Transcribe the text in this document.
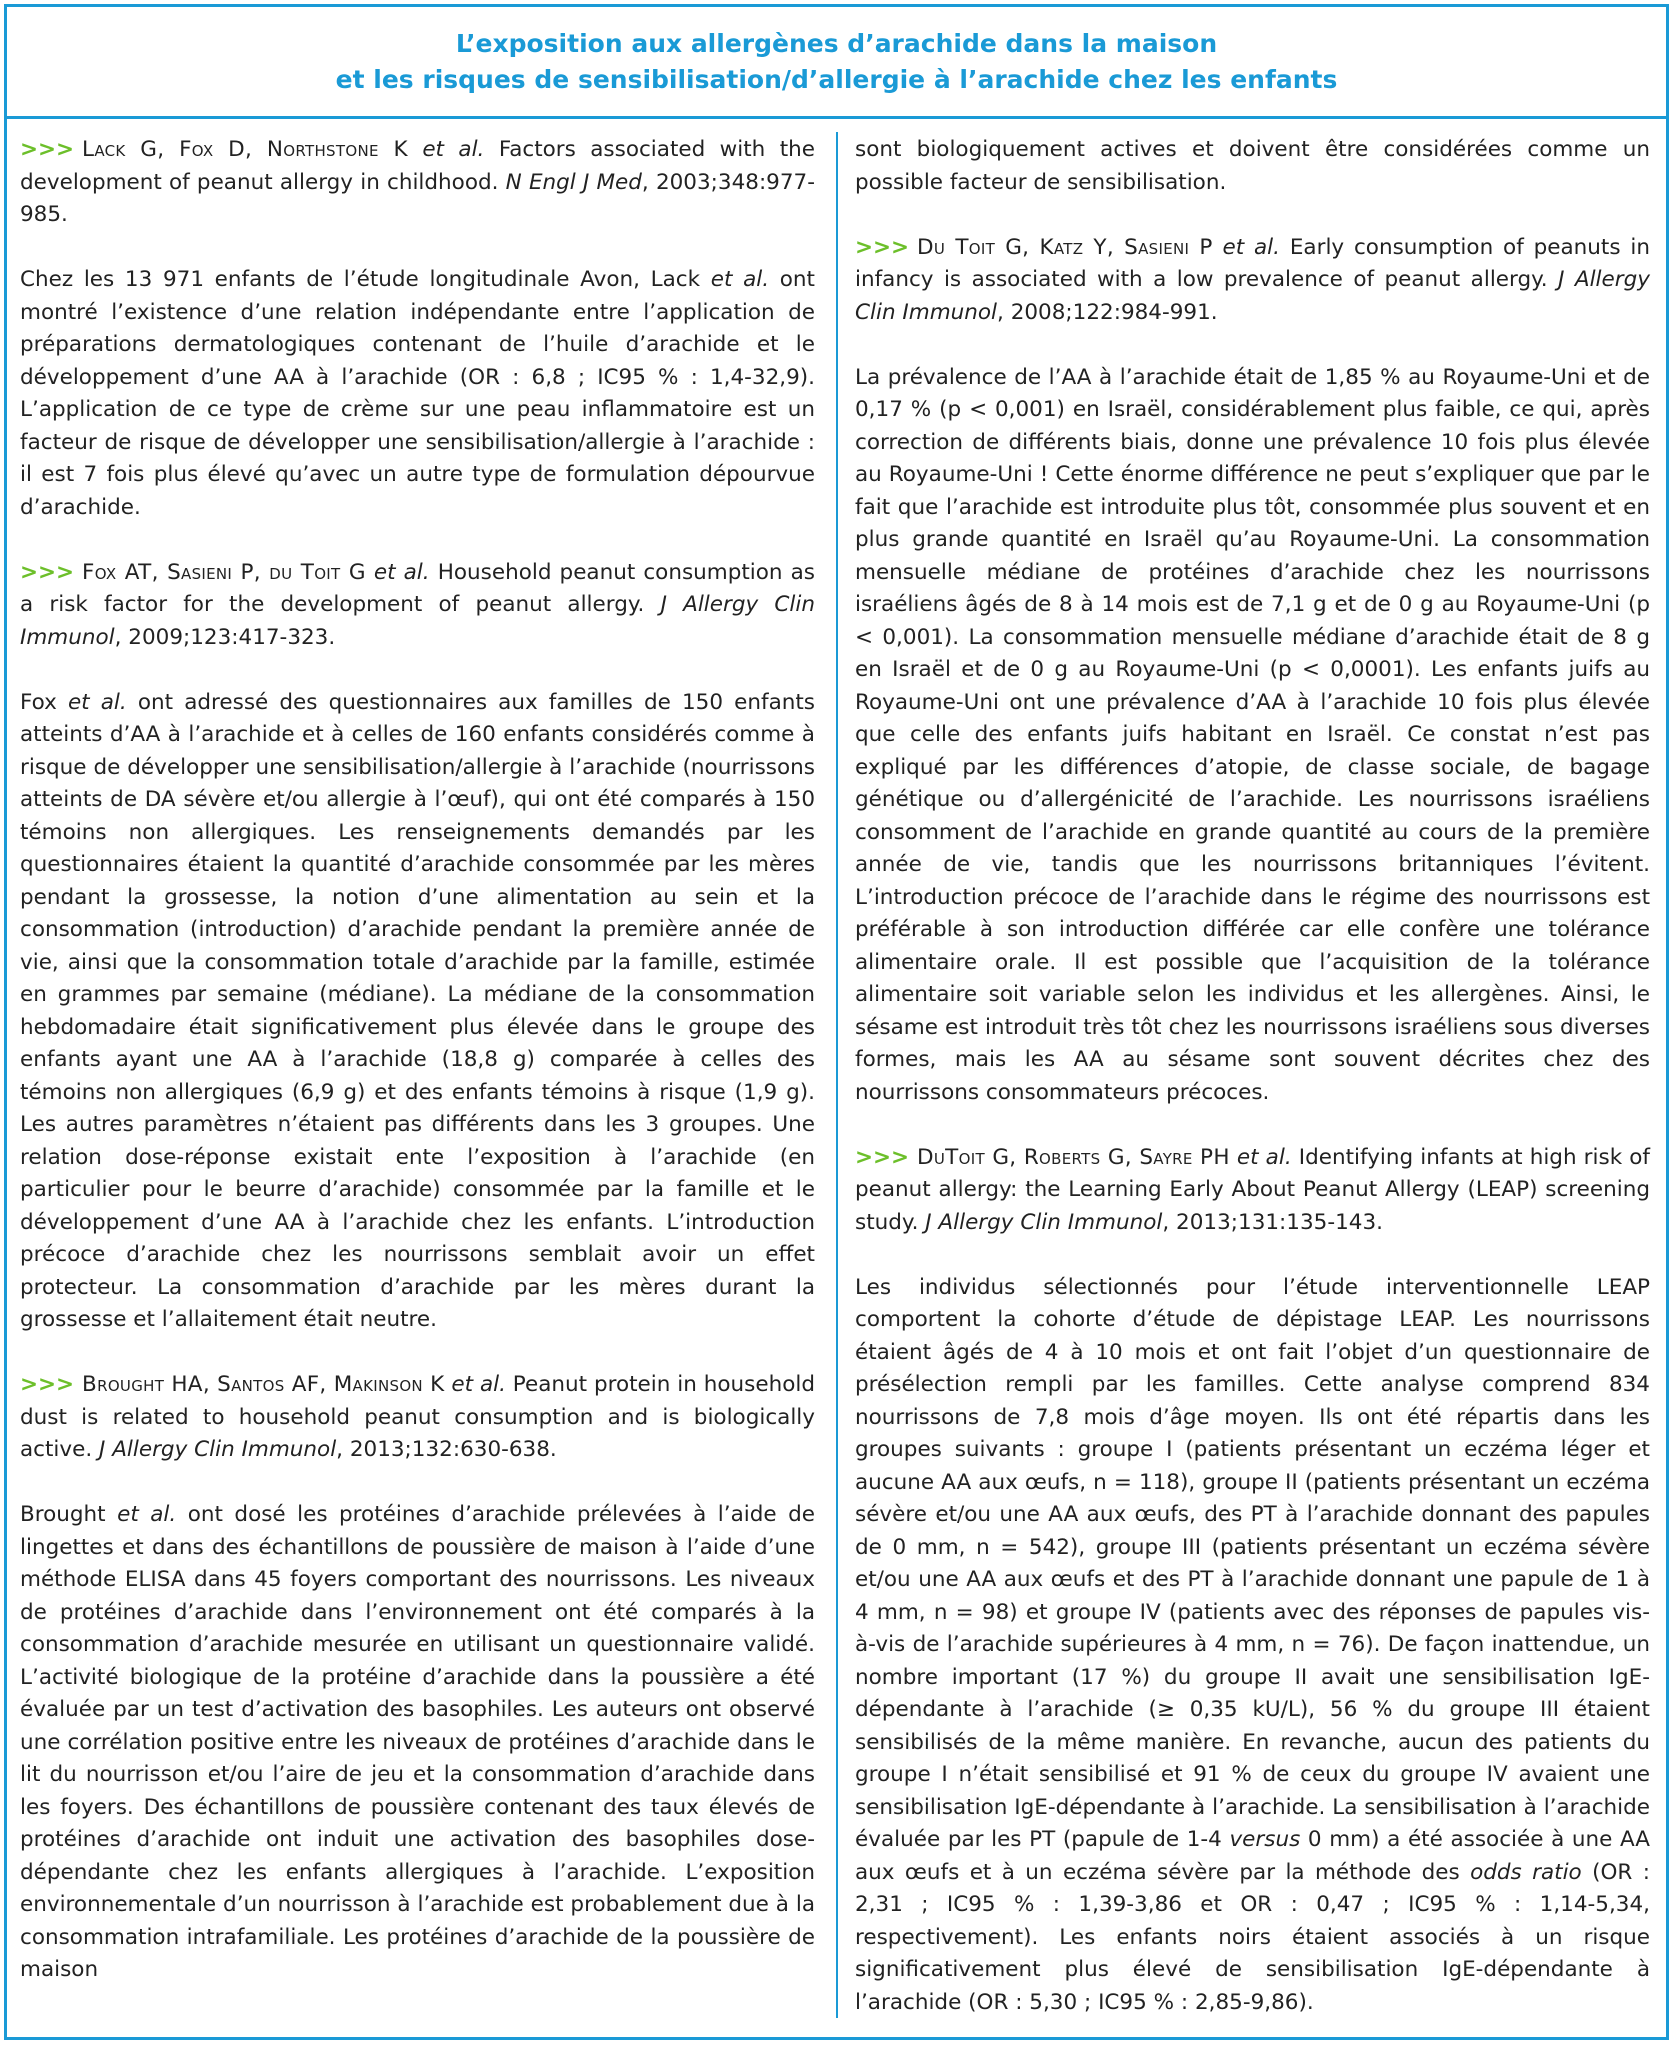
L’exposition aux allergènes d’arachide dans la maison
et les risques de sensibilisation/d’allergie à l’arachide chez les enfants

>>> Lack G, Fox D, Northstone K et al. Factors associated with the development of peanut allergy in childhood. N Engl J Med, 2003;348:977-985.

Chez les 13 971 enfants de l’étude longitudinale Avon, Lack et al. ont montré l’existence d’une relation indépendante entre l’application de préparations dermatologiques contenant de l’huile d’arachide et le développement d’une AA à l’arachide (OR : 6,8 ; IC95 % : 1,4-32,9). L’application de ce type de crème sur une peau inflammatoire est un facteur de risque de développer une sensibilisation/allergie à l’arachide : il est 7 fois plus élevé qu’avec un autre type de formulation dépourvue d’arachide.

>>> Fox AT, Sasieni P, du Toit G et al. Household peanut consumption as a risk factor for the development of peanut allergy. J Allergy Clin Immunol, 2009;123:417-323.

Fox et al. ont adressé des questionnaires aux familles de 150 enfants atteints d’AA à l’arachide et à celles de 160 enfants considérés comme à risque de développer une sensibilisation/allergie à l’arachide (nourrissons atteints de DA sévère et/ou allergie à l’œuf), qui ont été comparés à 150 témoins non allergiques. Les renseignements demandés par les questionnaires étaient la quantité d’arachide consommée par les mères pendant la grossesse, la notion d’une alimentation au sein et la consommation (introduction) d’arachide pendant la première année de vie, ainsi que la consommation totale d’arachide par la famille, estimée en grammes par semaine (médiane). La médiane de la consommation hebdomadaire était significativement plus élevée dans le groupe des enfants ayant une AA à l’arachide (18,8 g) comparée à celles des témoins non allergiques (6,9 g) et des enfants témoins à risque (1,9 g). Les autres paramètres n’étaient pas différents dans les 3 groupes. Une relation dose-réponse existait ente l’exposition à l’arachide (en particulier pour le beurre d’arachide) consommée par la famille et le développement d’une AA à l’arachide chez les enfants. L’introduction précoce d’arachide chez les nourrissons semblait avoir un effet protecteur. La consommation d’arachide par les mères durant la grossesse et l’allaitement était neutre.

>>> Brought HA, Santos AF, Makinson K et al. Peanut protein in household dust is related to household peanut consumption and is biologically active. J Allergy Clin Immunol, 2013;132:630-638.

Brought et al. ont dosé les protéines d’arachide prélevées à l’aide de lingettes et dans des échantillons de poussière de maison à l’aide d’une méthode ELISA dans 45 foyers comportant des nourrissons. Les niveaux de protéines d’arachide dans l’environnement ont été comparés à la consommation d’arachide mesurée en utilisant un questionnaire validé. L’activité biologique de la protéine d’arachide dans la poussière a été évaluée par un test d’activation des basophiles. Les auteurs ont observé une corrélation positive entre les niveaux de protéines d’arachide dans le lit du nourrisson et/ou l’aire de jeu et la consommation d’arachide dans les foyers. Des échantillons de poussière contenant des taux élevés de protéines d’arachide ont induit une activation des basophiles dose-dépendante chez les enfants allergiques à l’arachide. L’exposition environnementale d’un nourrisson à l’arachide est probablement due à la consommation intrafamiliale. Les protéines d’arachide de la poussière de maison

sont biologiquement actives et doivent être considérées comme un possible facteur de sensibilisation.

>>> Du Toit G, Katz Y, Sasieni P et al. Early consumption of peanuts in infancy is associated with a low prevalence of peanut allergy. J Allergy Clin Immunol, 2008;122:984-991.

La prévalence de l’AA à l’arachide était de 1,85 % au Royaume-Uni et de 0,17 % (p < 0,001) en Israël, considérablement plus faible, ce qui, après correction de différents biais, donne une prévalence 10 fois plus élevée au Royaume-Uni ! Cette énorme différence ne peut s’expliquer que par le fait que l’arachide est introduite plus tôt, consommée plus souvent et en plus grande quantité en Israël qu’au Royaume-Uni. La consommation mensuelle médiane de protéines d’arachide chez les nourrissons israéliens âgés de 8 à 14 mois est de 7,1 g et de 0 g au Royaume-Uni (p < 0,001). La consommation mensuelle médiane d’arachide était de 8 g en Israël et de 0 g au Royaume-Uni (p < 0,0001). Les enfants juifs au Royaume-Uni ont une prévalence d’AA à l’arachide 10 fois plus élevée que celle des enfants juifs habitant en Israël. Ce constat n’est pas expliqué par les différences d’atopie, de classe sociale, de bagage génétique ou d’allergénicité de l’arachide. Les nourrissons israéliens consomment de l’arachide en grande quantité au cours de la première année de vie, tandis que les nourrissons britanniques l’évitent. L’introduction précoce de l’arachide dans le régime des nourrissons est préférable à son introduction différée car elle confère une tolérance alimentaire orale. Il est possible que l’acquisition de la tolérance alimentaire soit variable selon les individus et les allergènes. Ainsi, le sésame est introduit très tôt chez les nourrissons israéliens sous diverses formes, mais les AA au sésame sont souvent décrites chez des nourrissons consommateurs précoces.

>>> DuToit G, Roberts G, Sayre PH et al. Identifying infants at high risk of peanut allergy: the Learning Early About Peanut Allergy (LEAP) screening study. J Allergy Clin Immunol, 2013;131:135-143.

Les individus sélectionnés pour l’étude interventionnelle LEAP comportent la cohorte d’étude de dépistage LEAP. Les nourrissons étaient âgés de 4 à 10 mois et ont fait l’objet d’un questionnaire de présélection rempli par les familles. Cette analyse comprend 834 nourrissons de 7,8 mois d’âge moyen. Ils ont été répartis dans les groupes suivants : groupe I (patients présentant un eczéma léger et aucune AA aux œufs, n = 118), groupe II (patients présentant un eczéma sévère et/ou une AA aux œufs, des PT à l’arachide donnant des papules de 0 mm, n = 542), groupe III (patients présentant un eczéma sévère et/ou une AA aux œufs et des PT à l’arachide donnant une papule de 1 à 4 mm, n = 98) et groupe IV (patients avec des réponses de papules vis-à-vis de l’arachide supérieures à 4 mm, n = 76). De façon inattendue, un nombre important (17 %) du groupe II avait une sensibilisation IgE-dépendante à l’arachide (≥ 0,35 kU/L), 56 % du groupe III étaient sensibilisés de la même manière. En revanche, aucun des patients du groupe I n’était sensibilisé et 91 % de ceux du groupe IV avaient une sensibilisation IgE-dépendante à l’arachide. La sensibilisation à l’arachide évaluée par les PT (papule de 1-4 versus 0 mm) a été associée à une AA aux œufs et à un eczéma sévère par la méthode des odds ratio (OR : 2,31 ; IC95 % : 1,39-3,86 et OR : 0,47 ; IC95 % : 1,14-5,34, respectivement). Les enfants noirs étaient associés à un risque significativement plus élevé de sensibilisation IgE-dépendante à l’arachide (OR : 5,30 ; IC95 % : 2,85-9,86).
